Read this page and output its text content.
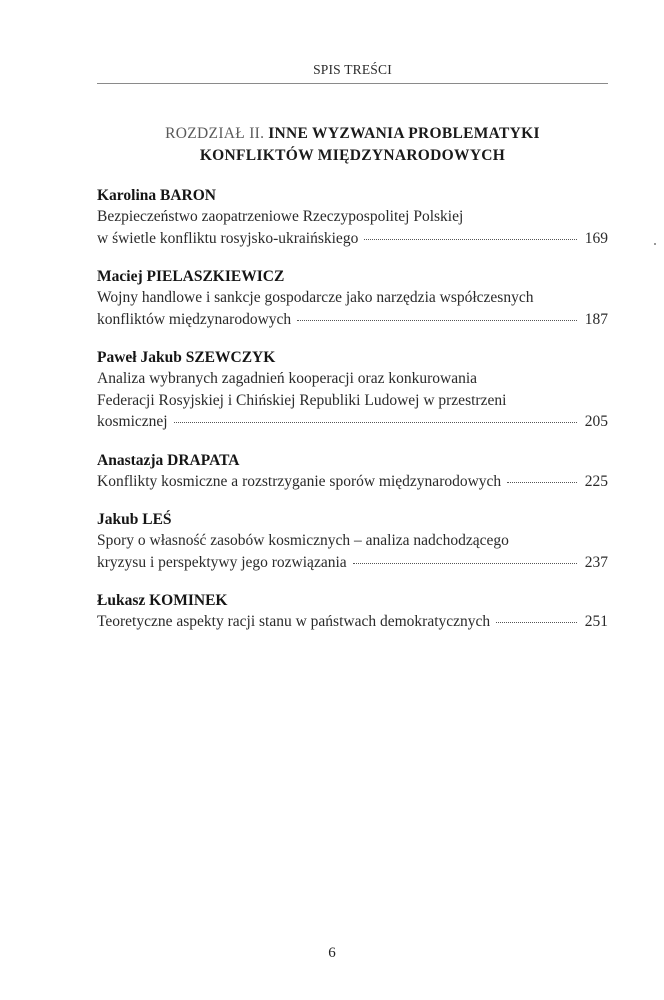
SPIS TREŚCI
ROZDZIAŁ II. INNE WYZWANIA PROBLEMATYKI
KONFLIKTÓW MIĘDZYNARODOWYCH
Karolina BARON
Bezpieczeństwo zaopatrzeniowe Rzeczypospolitej Polskiej
w świetle konfliktu rosyjsko-ukraińskiego	169
Maciej PIELASZKIEWICZ
Wojny handlowe i sankcje gospodarcze jako narzędzia współczesnych
konfliktów międzynarodowych	187
Paweł Jakub SZEWCZYK
Analiza wybranych zagadnień kooperacji oraz konkurowania
Federacji Rosyjskiej i Chińskiej Republiki Ludowej w przestrzeni
kosmicznej	205
Anastazja DRAPATA
Konflikty kosmiczne a rozstrzyganie sporów międzynarodowych	225
Jakub LEŚ
Spory o własność zasobów kosmicznych – analiza nadchodzącego
kryzysu i perspektywy jego rozwiązania	237
Łukasz KOMINEK
Teoretyczne aspekty racji stanu w państwach demokratycznych	251
6
